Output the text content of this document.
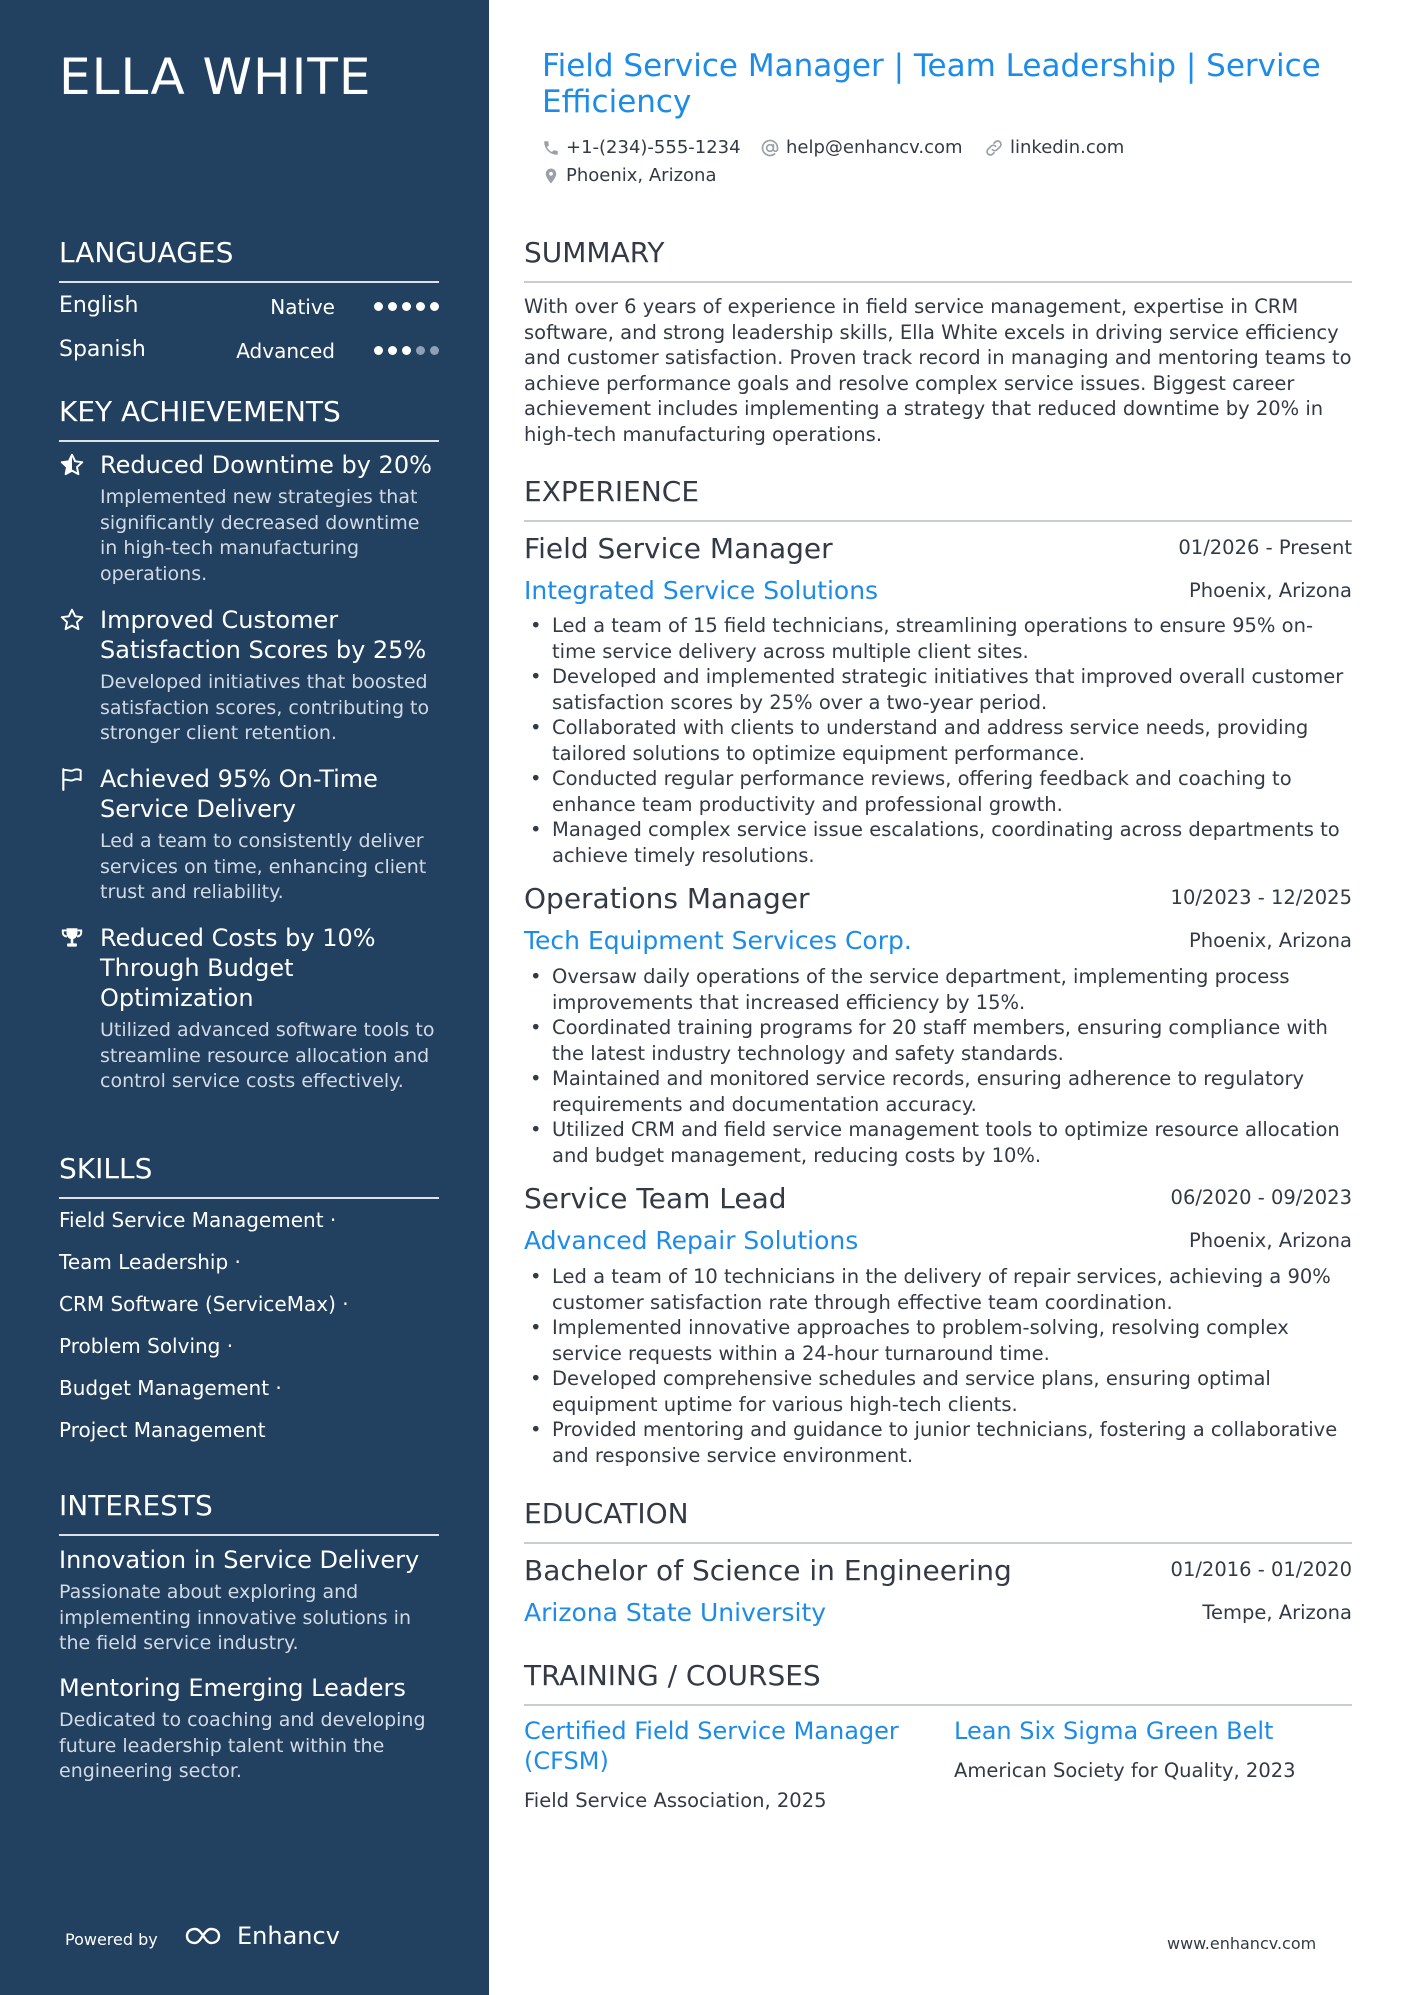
ELLA WHITE
LANGUAGES
English	Native
Spanish	Advanced
KEY ACHIEVEMENTS
Reduced Downtime by 20%
Implemented new strategies that significantly decreased downtime in high-tech manufacturing operations.
Improved Customer Satisfaction Scores by 25%
Developed initiatives that boosted satisfaction scores, contributing to stronger client retention.
Achieved 95% On-Time Service Delivery
Led a team to consistently deliver services on time, enhancing client trust and reliability.
Reduced Costs by 10% Through Budget Optimization
Utilized advanced software tools to streamline resource allocation and control service costs effectively.
SKILLS
Field Service Management ·
Team Leadership ·
CRM Software (ServiceMax) ·
Problem Solving ·
Budget Management ·
Project Management
INTERESTS
Innovation in Service Delivery
Passionate about exploring and implementing innovative solutions in the field service industry.
Mentoring Emerging Leaders
Dedicated to coaching and developing future leadership talent within the engineering sector.
Powered by	Enhancv
Field Service Manager | Team Leadership | Service Efficiency
+1-(234)-555-1234	help@enhancv.com	linkedin.com
Phoenix, Arizona
SUMMARY
With over 6 years of experience in field service management, expertise in CRM software, and strong leadership skills, Ella White excels in driving service efficiency and customer satisfaction. Proven track record in managing and mentoring teams to achieve performance goals and resolve complex service issues. Biggest career achievement includes implementing a strategy that reduced downtime by 20% in high-tech manufacturing operations.
EXPERIENCE
Field Service Manager	01/2026 - Present
Integrated Service Solutions	Phoenix, Arizona
• Led a team of 15 field technicians, streamlining operations to ensure 95% on-time service delivery across multiple client sites.
• Developed and implemented strategic initiatives that improved overall customer satisfaction scores by 25% over a two-year period.
• Collaborated with clients to understand and address service needs, providing tailored solutions to optimize equipment performance.
• Conducted regular performance reviews, offering feedback and coaching to enhance team productivity and professional growth.
• Managed complex service issue escalations, coordinating across departments to achieve timely resolutions.
Operations Manager	10/2023 - 12/2025
Tech Equipment Services Corp.	Phoenix, Arizona
• Oversaw daily operations of the service department, implementing process improvements that increased efficiency by 15%.
• Coordinated training programs for 20 staff members, ensuring compliance with the latest industry technology and safety standards.
• Maintained and monitored service records, ensuring adherence to regulatory requirements and documentation accuracy.
• Utilized CRM and field service management tools to optimize resource allocation and budget management, reducing costs by 10%.
Service Team Lead	06/2020 - 09/2023
Advanced Repair Solutions	Phoenix, Arizona
• Led a team of 10 technicians in the delivery of repair services, achieving a 90% customer satisfaction rate through effective team coordination.
• Implemented innovative approaches to problem-solving, resolving complex service requests within a 24-hour turnaround time.
• Developed comprehensive schedules and service plans, ensuring optimal equipment uptime for various high-tech clients.
• Provided mentoring and guidance to junior technicians, fostering a collaborative and responsive service environment.
EDUCATION
Bachelor of Science in Engineering	01/2016 - 01/2020
Arizona State University	Tempe, Arizona
TRAINING / COURSES
Certified Field Service Manager (CFSM)
Field Service Association, 2025
Lean Six Sigma Green Belt
American Society for Quality, 2023
www.enhancv.com
